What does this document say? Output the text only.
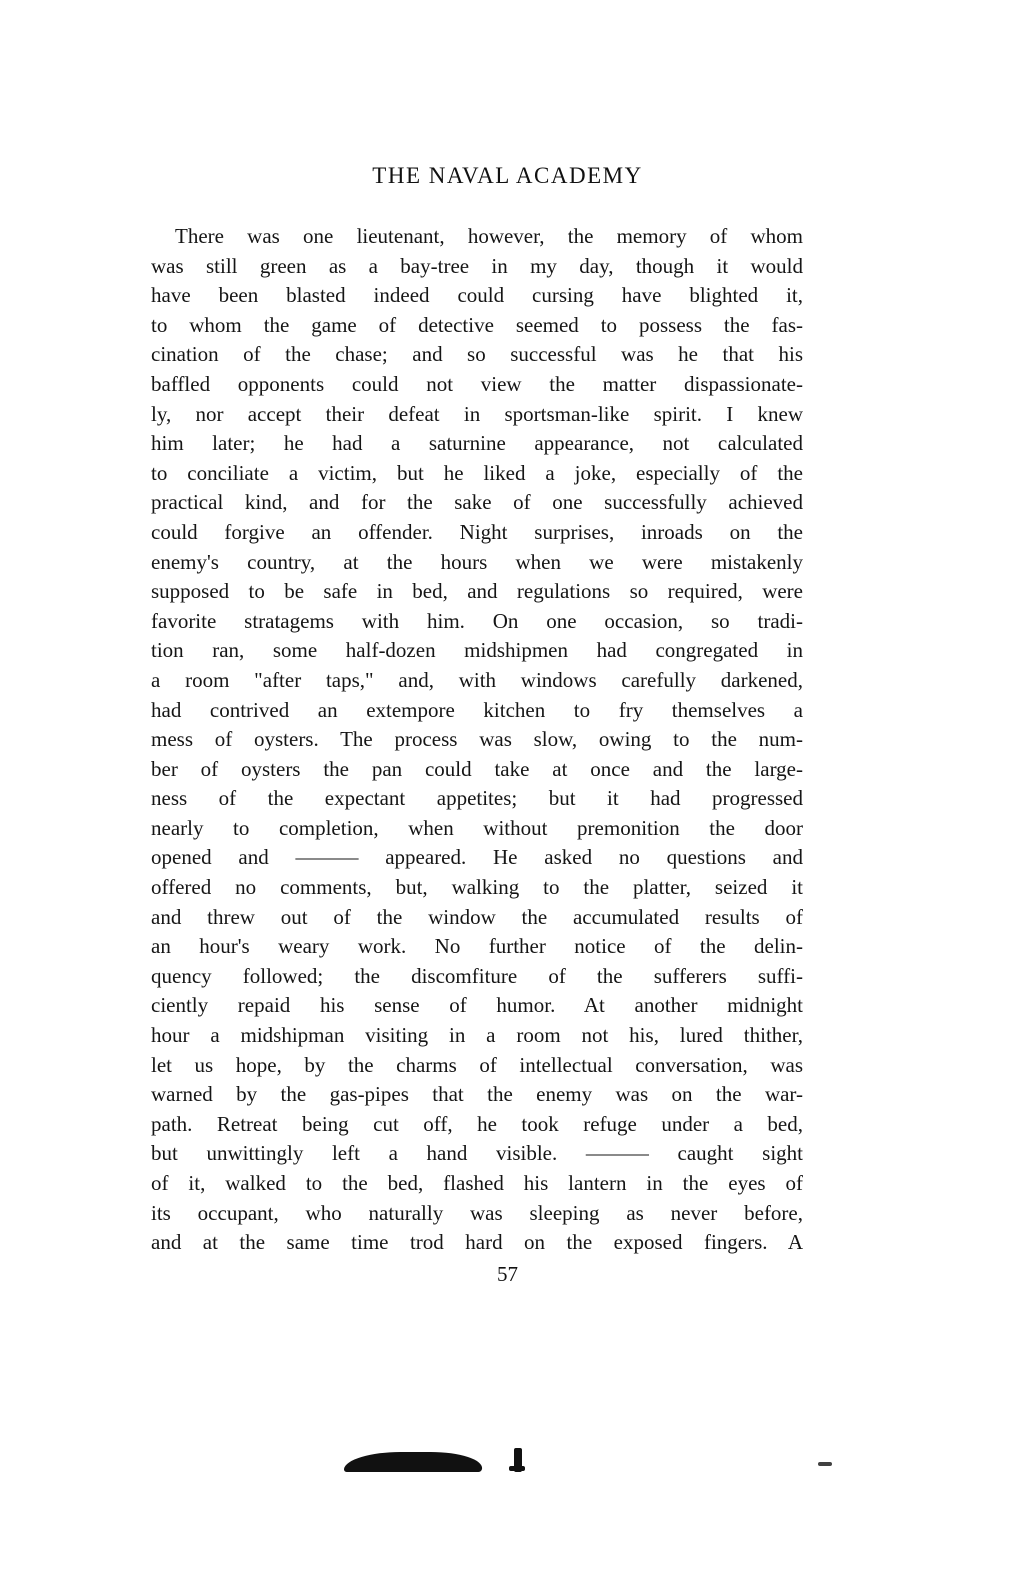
THE NAVAL ACADEMY
There was one lieutenant, however, the memory of whom
was still green as a bay-tree in my day, though it would
have been blasted indeed could cursing have blighted it,
to whom the game of detective seemed to possess the fas-
cination of the chase; and so successful was he that his
baffled opponents could not view the matter dispassionate-
ly, nor accept their defeat in sportsman-like spirit. I knew
him later; he had a saturnine appearance, not calculated
to conciliate a victim, but he liked a joke, especially of the
practical kind, and for the sake of one successfully achieved
could forgive an offender. Night surprises, inroads on the
enemy's country, at the hours when we were mistakenly
supposed to be safe in bed, and regulations so required, were
favorite stratagems with him. On one occasion, so tradi-
tion ran, some half-dozen midshipmen had congregated in
a room "after taps," and, with windows carefully darkened,
had contrived an extempore kitchen to fry themselves a
mess of oysters. The process was slow, owing to the num-
ber of oysters the pan could take at once and the large-
ness of the expectant appetites; but it had progressed
nearly to completion, when without premonition the door
opened and ——— appeared. He asked no questions and
offered no comments, but, walking to the platter, seized it
and threw out of the window the accumulated results of
an hour's weary work. No further notice of the delin-
quency followed; the discomfiture of the sufferers suffi-
ciently repaid his sense of humor. At another midnight
hour a midshipman visiting in a room not his, lured thither,
let us hope, by the charms of intellectual conversation, was
warned by the gas-pipes that the enemy was on the war-
path. Retreat being cut off, he took refuge under a bed,
but unwittingly left a hand visible. ——— caught sight
of it, walked to the bed, flashed his lantern in the eyes of
its occupant, who naturally was sleeping as never before,
and at the same time trod hard on the exposed fingers. A
57
